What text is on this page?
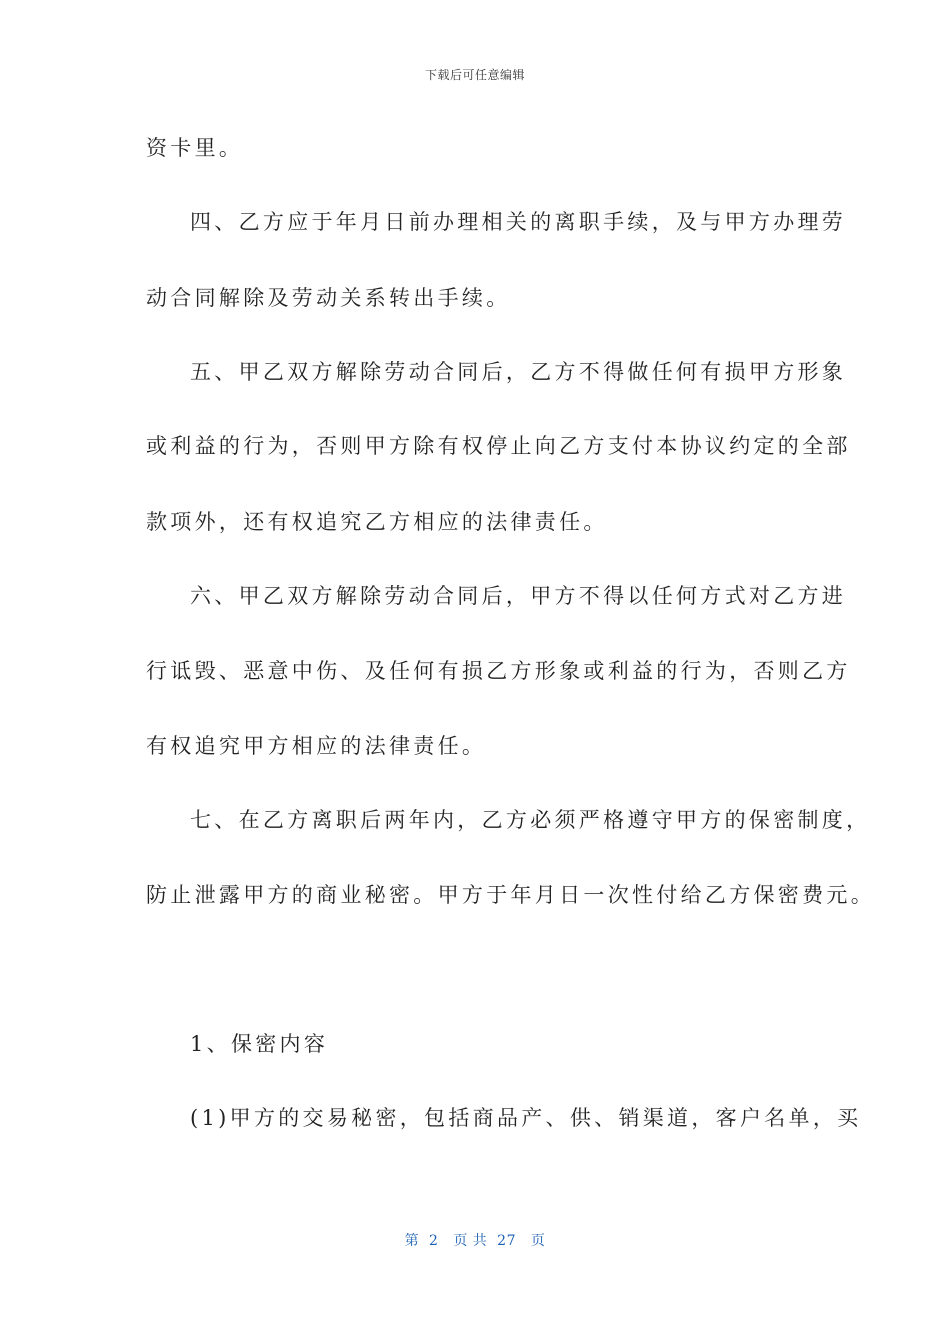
下载后可任意编辑
资卡里。
四、乙方应于年月日前办理相关的离职手续，及与甲方办理劳
动合同解除及劳动关系转出手续。
五、甲乙双方解除劳动合同后，乙方不得做任何有损甲方形象
或利益的行为，否则甲方除有权停止向乙方支付本协议约定的全部
款项外，还有权追究乙方相应的法律责任。
六、甲乙双方解除劳动合同后，甲方不得以任何方式对乙方进
行诋毁、恶意中伤、及任何有损乙方形象或利益的行为，否则乙方
有权追究甲方相应的法律责任。
七、在乙方离职后两年内，乙方必须严格遵守甲方的保密制度，
防止泄露甲方的商业秘密。甲方于年月日一次性付给乙方保密费元。
1、保密内容
(1)甲方的交易秘密，包括商品产、供、销渠道，客户名单，买
第  2   页 共  27   页
